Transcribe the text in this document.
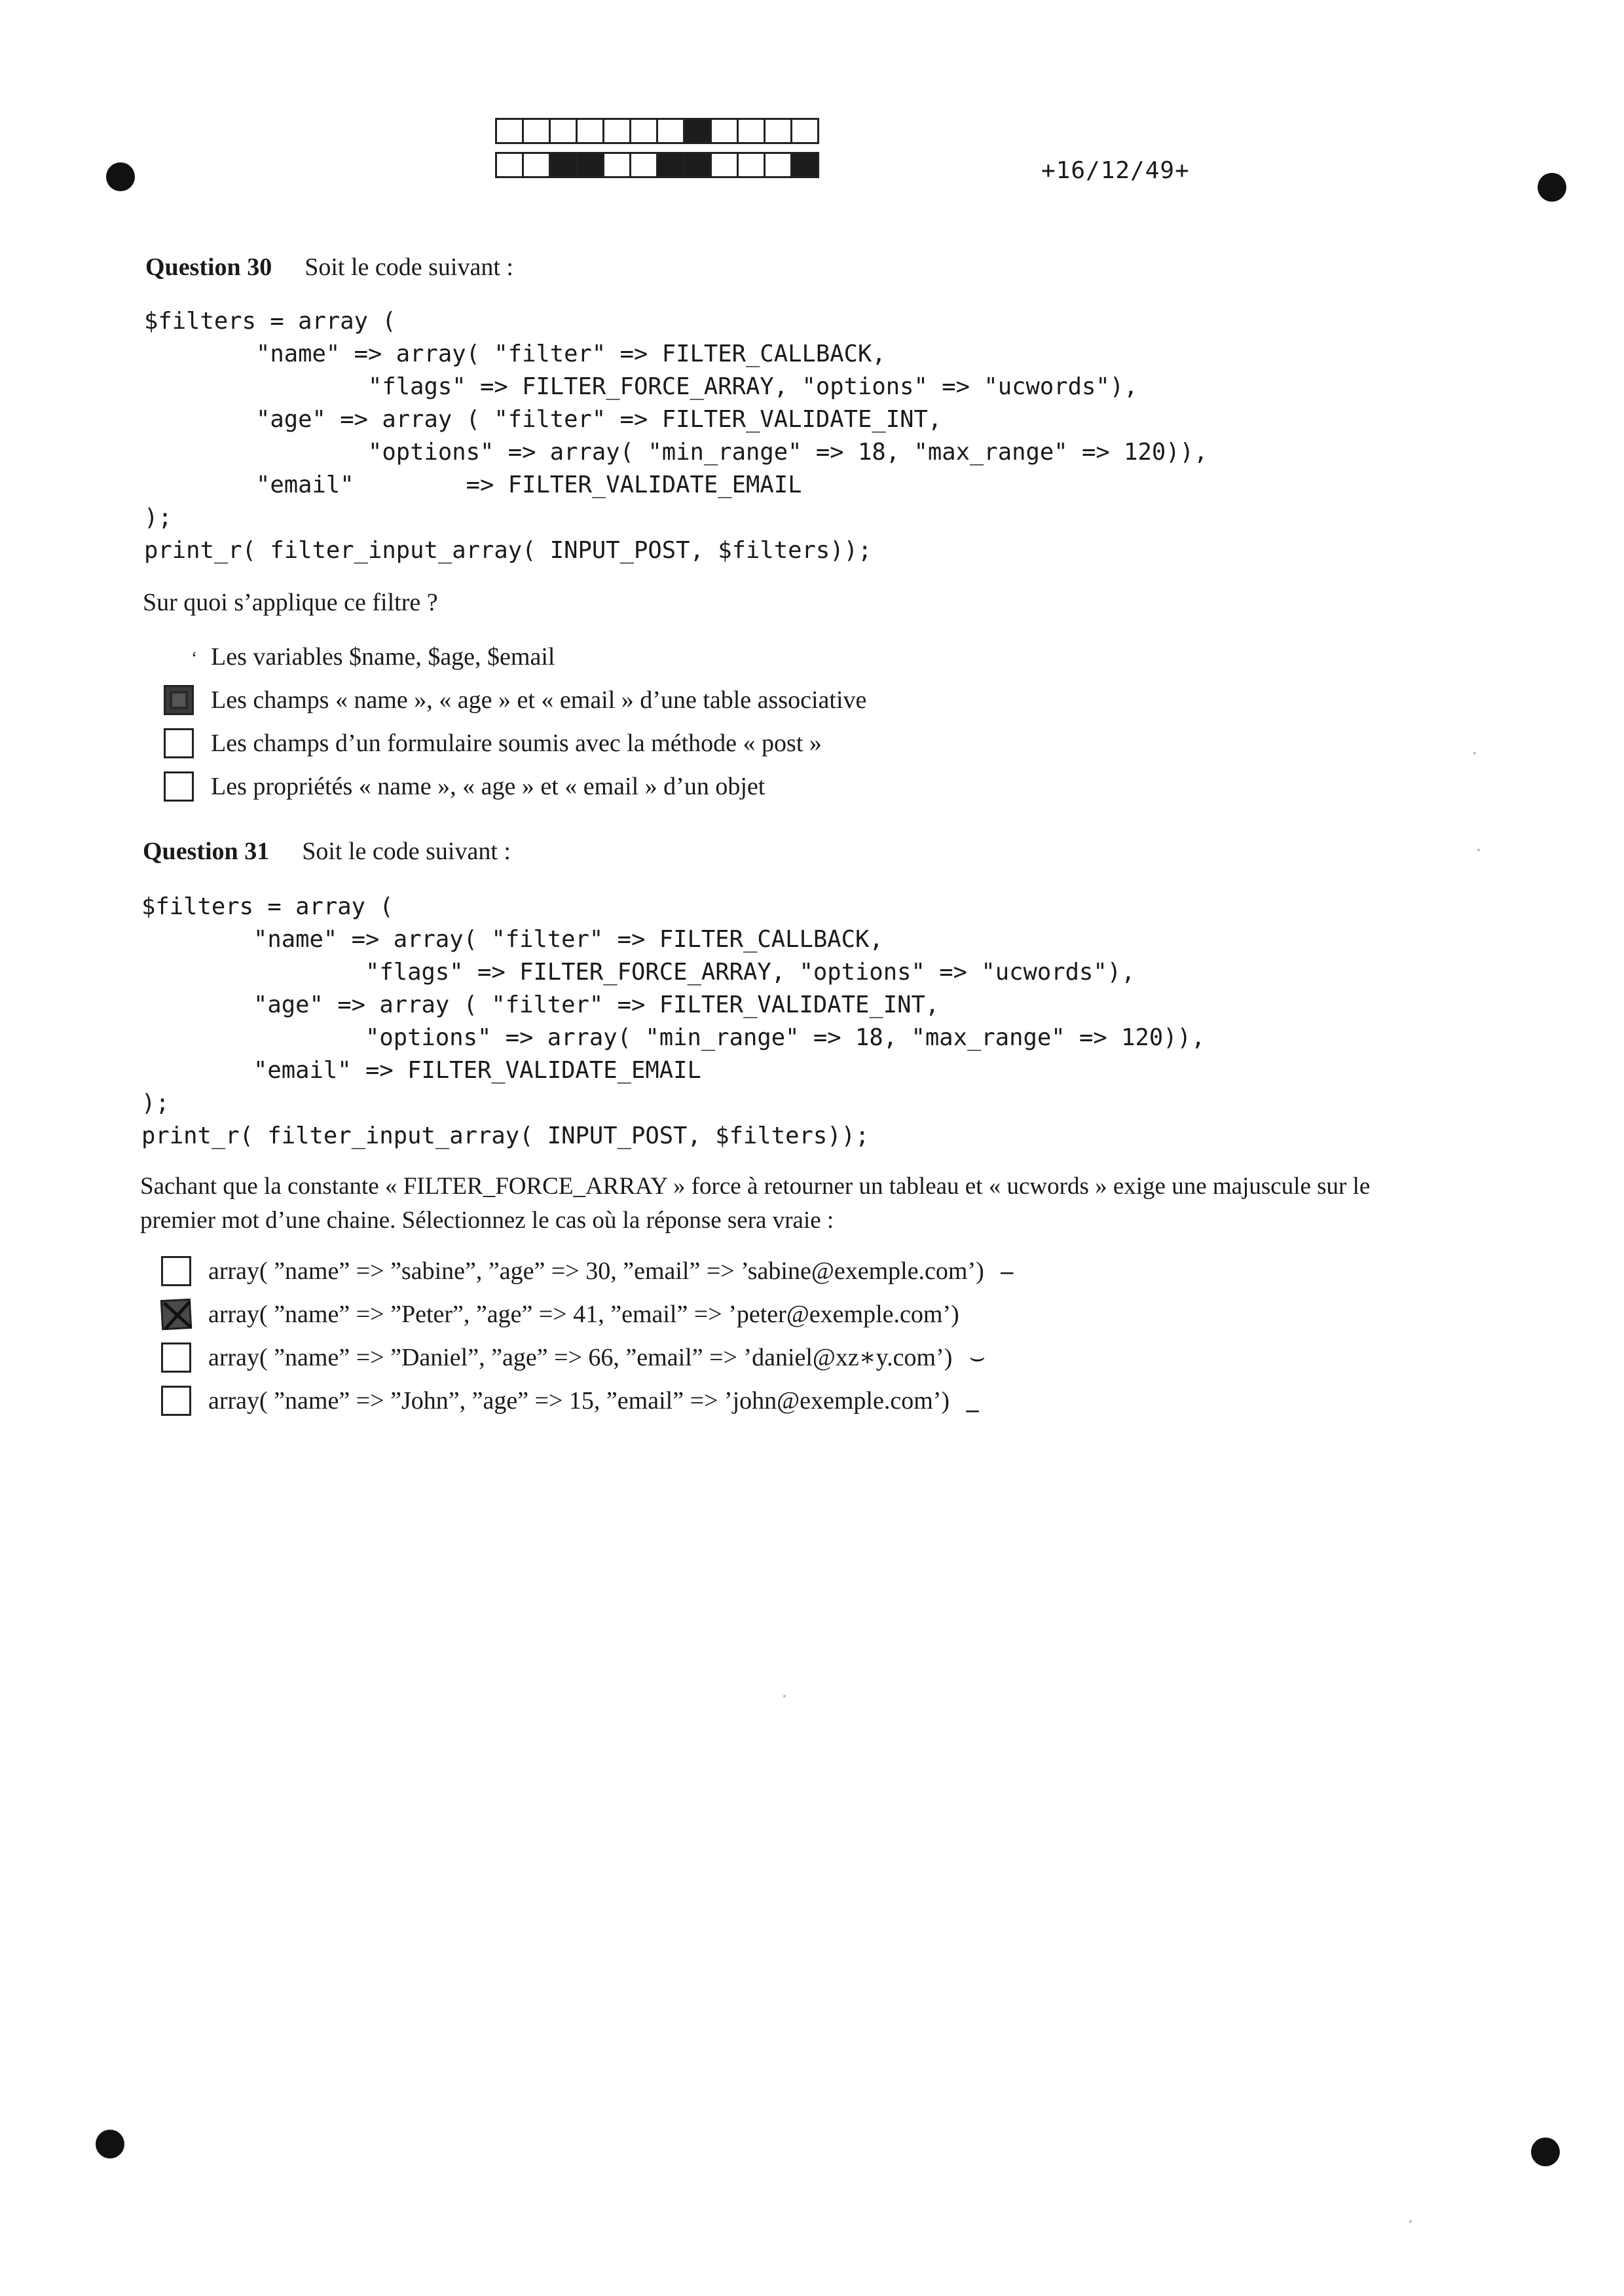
+16/12/49+
Question 30 Soit le code suivant :
$filters = array (
"name" => array( "filter" => FILTER_CALLBACK,
"flags" => FILTER_FORCE_ARRAY, "options" => "ucwords"),
"age" => array ( "filter" => FILTER_VALIDATE_INT,
"options" => array( "min_range" => 18, "max_range" => 120)),
"email"        => FILTER_VALIDATE_EMAIL
);
print_r( filter_input_array( INPUT_POST, $filters));
Sur quoi s’applique ce filtre ?
‘ Les variables $name, $age, $email
Les champs « name », « age » et « email » d’une table associative
Les champs d’un formulaire soumis avec la méthode « post »
Les propriétés « name », « age » et « email » d’un objet
Question 31 Soit le code suivant :
$filters = array (
"name" => array( "filter" => FILTER_CALLBACK,
"flags" => FILTER_FORCE_ARRAY, "options" => "ucwords"),
"age" => array ( "filter" => FILTER_VALIDATE_INT,
"options" => array( "min_range" => 18, "max_range" => 120)),
"email" => FILTER_VALIDATE_EMAIL
);
print_r( filter_input_array( INPUT_POST, $filters));
Sachant que la constante « FILTER_FORCE_ARRAY » force à retourner un tableau et « ucwords » exige une majuscule sur le
premier mot d’une chaine. Sélectionnez le cas où la réponse sera vraie :
array( ”name” => ”sabine”, ”age” => 30, ”email” => ’sabine@exemple.com’) –
array( ”name” => ”Peter”, ”age” => 41, ”email” => ’peter@exemple.com’)
array( ”name” => ”Daniel”, ”age” => 66, ”email” => ’daniel@xz∗y.com’) ⌣
array( ”name” => ”John”, ”age” => 15, ”email” => ’john@exemple.com’) _
